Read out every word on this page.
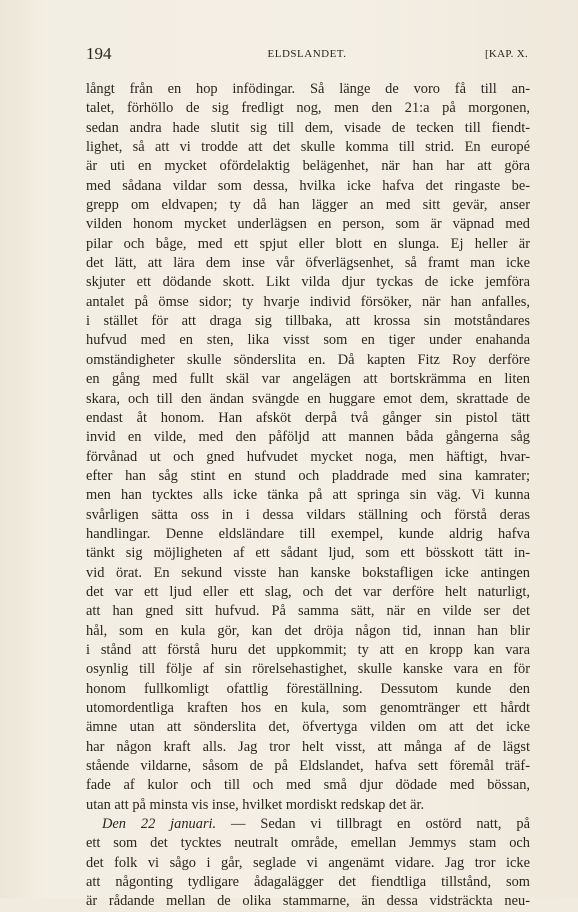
194	ELDSLANDET.	[KAP. X.
långt från en hop infödingar. Så länge de voro få till an-
talet, förhöllo de sig fredligt nog, men den 21:a på morgonen,
sedan andra hade slutit sig till dem, visade de tecken till fiendt-
lighet, så att vi trodde att det skulle komma till strid. En europé
är uti en mycket ofördelaktig belägenhet, när han har att göra
med sådana vildar som dessa, hvilka icke hafva det ringaste be-
grepp om eldvapen; ty då han lägger an med sitt gevär, anser
vilden honom mycket underlägsen en person, som är väpnad med
pilar och båge, med ett spjut eller blott en slunga. Ej heller är
det lätt, att lära dem inse vår öfverlägsenhet, så framt man icke
skjuter ett dödande skott. Likt vilda djur tyckas de icke jemföra
antalet på ömse sidor; ty hvarje individ försöker, när han anfalles,
i stället för att draga sig tillbaka, att krossa sin motståndares
hufvud med en sten, lika visst som en tiger under enahanda
omständigheter skulle sönderslita en. Då kapten Fitz Roy derföre
en gång med fullt skäl var angelägen att bortskrämma en liten
skara, och till den ändan svängde en huggare emot dem, skrattade de
endast åt honom. Han afsköt derpå två gånger sin pistol tätt
invid en vilde, med den påföljd att mannen båda gångerna såg
förvånad ut och gned hufvudet mycket noga, men häftigt, hvar-
efter han såg stint en stund och pladdrade med sina kamrater;
men han tycktes alls icke tänka på att springa sin väg. Vi kunna
svårligen sätta oss in i dessa vildars ställning och förstå deras
handlingar. Denne eldsländare till exempel, kunde aldrig hafva
tänkt sig möjligheten af ett sådant ljud, som ett bösskott tätt in-
vid örat. En sekund visste han kanske bokstafligen icke antingen
det var ett ljud eller ett slag, och det var derföre helt naturligt,
att han gned sitt hufvud. På samma sätt, när en vilde ser det
hål, som en kula gör, kan det dröja någon tid, innan han blir
i stånd att förstå huru det uppkommit; ty att en kropp kan vara
osynlig till följe af sin rörelsehastighet, skulle kanske vara en för
honom fullkomligt ofattlig föreställning. Dessutom kunde den
utomordentliga kraften hos en kula, som genomtränger ett hårdt
ämne utan att sönderslita det, öfvertyga vilden om att det icke
har någon kraft alls. Jag tror helt visst, att många af de lägst
stående vildarne, såsom de på Eldslandet, hafva sett föremål träf-
fade af kulor och till och med små djur dödade med bössan,
utan att på minsta vis inse, hvilket mordiskt redskap det är.
Den 22 januari. — Sedan vi tillbragt en ostörd natt, på
ett som det tycktes neutralt område, emellan Jemmys stam och
det folk vi sågo i går, seglade vi angenämt vidare. Jag tror icke
att någonting tydligare ådagalägger det fiendtliga tillstånd, som
är rådande mellan de olika stammarne, än dessa vidsträckta neu-
